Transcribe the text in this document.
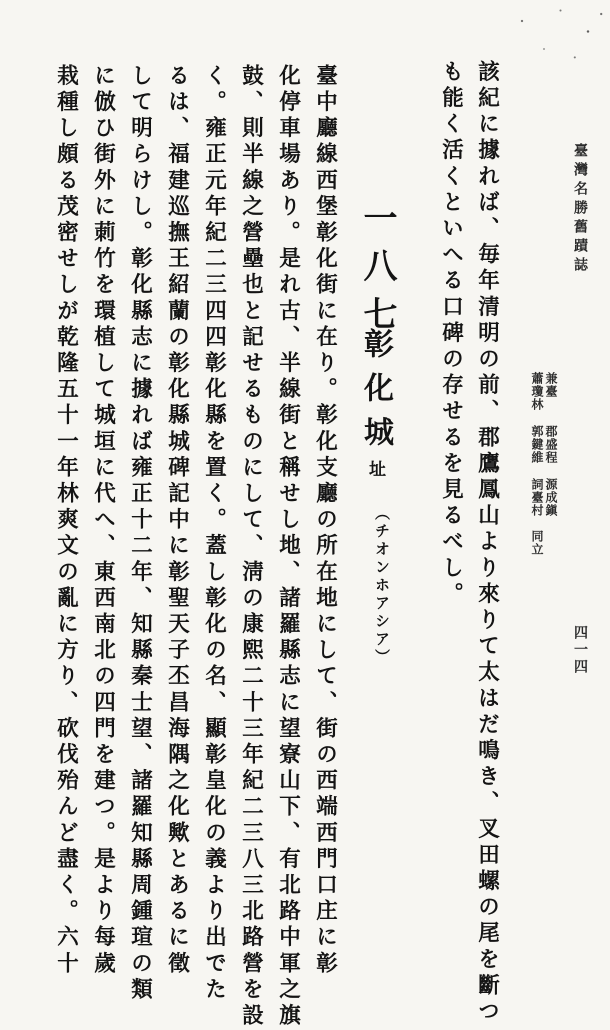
臺灣名勝舊蹟誌
四一四
兼臺
蕭瓊林
郡盛程
郭鍵維
源成鎭
詞臺村
同立
該紀に據れば、毎年清明の前、郡鷹鳳山より來りて太はだ鳴き、叉田螺の尾を斷つ
も能く活くといへる口碑の存せるを見るべし。
一八七
彰化城址
（チオンホアシア）
臺中廳線西堡彰化街に在り。彰化支廳の所在地にして、街の西端西門口庄に彰
化停車場あり。是れ古、半線街と稱せし地、諸羅縣志に望寮山下、有北路中軍之旗
鼓、則半線之營壘也と記せるものにして、淸の康熙二十三年紀二三八三北路營を設
く。雍正元年紀二三四四彰化縣を置く。蓋し彰化の名、顯彰皇化の義より出でた
るは、福建巡撫王紹蘭の彰化縣城碑記中に彰聖天子丕昌海隅之化歟とあるに徵
して明らけし。彰化縣志に據れば雍正十二年、知縣秦士望、諸羅知縣周鍾瑄の類
に倣ひ街外に莿竹を環植して城垣に代へ、東西南北の四門を建つ。是より每歲
栽種し頗る茂密せしが乾隆五十一年林爽文の亂に方り、砍伐殆んど盡く。六十
